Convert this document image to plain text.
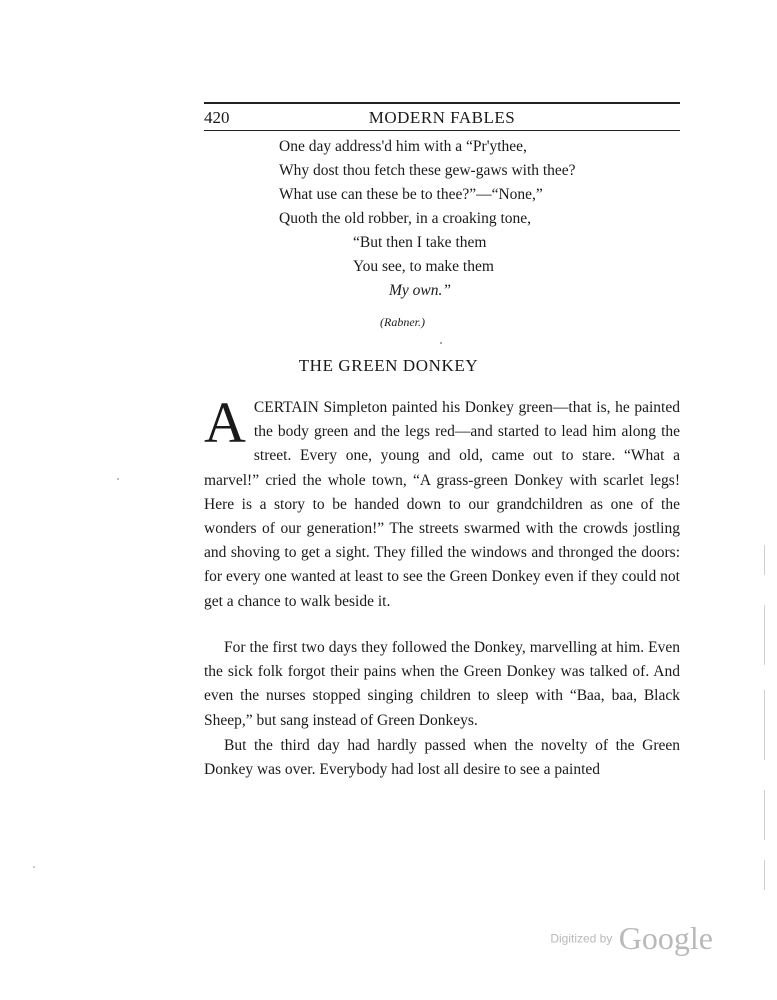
420	MODERN FABLES
One day address'd him with a “Pr'ythee,
Why dost thou fetch these gew-gaws with thee?
What use can these be to thee?”—“None,”
Quoth the old robber, in a croaking tone,
“But then I take them
You see, to make them
My own.”
(Rabner.)
THE GREEN DONKEY

A CERTAIN Simpleton painted his Donkey green—that is, he painted the body green and the legs red—and started to lead him along the street. Every one, young and old, came out to stare. “What a marvel!” cried the whole town, “A grass-green Donkey with scarlet legs! Here is a story to be handed down to our grandchildren as one of the wonders of our generation!” The streets swarmed with the crowds jostling and shoving to get a sight. They filled the windows and thronged the doors: for every one wanted at least to see the Green Donkey even if they could not get a chance to walk beside it.

For the first two days they followed the Donkey, marvelling at him. Even the sick folk forgot their pains when the Green Donkey was talked of. And even the nurses stopped singing children to sleep with “Baa, baa, Black Sheep,” but sang instead of Green Donkeys.

But the third day had hardly passed when the novelty of the Green Donkey was over. Everybody had lost all desire to see a painted

Digitized by Google
